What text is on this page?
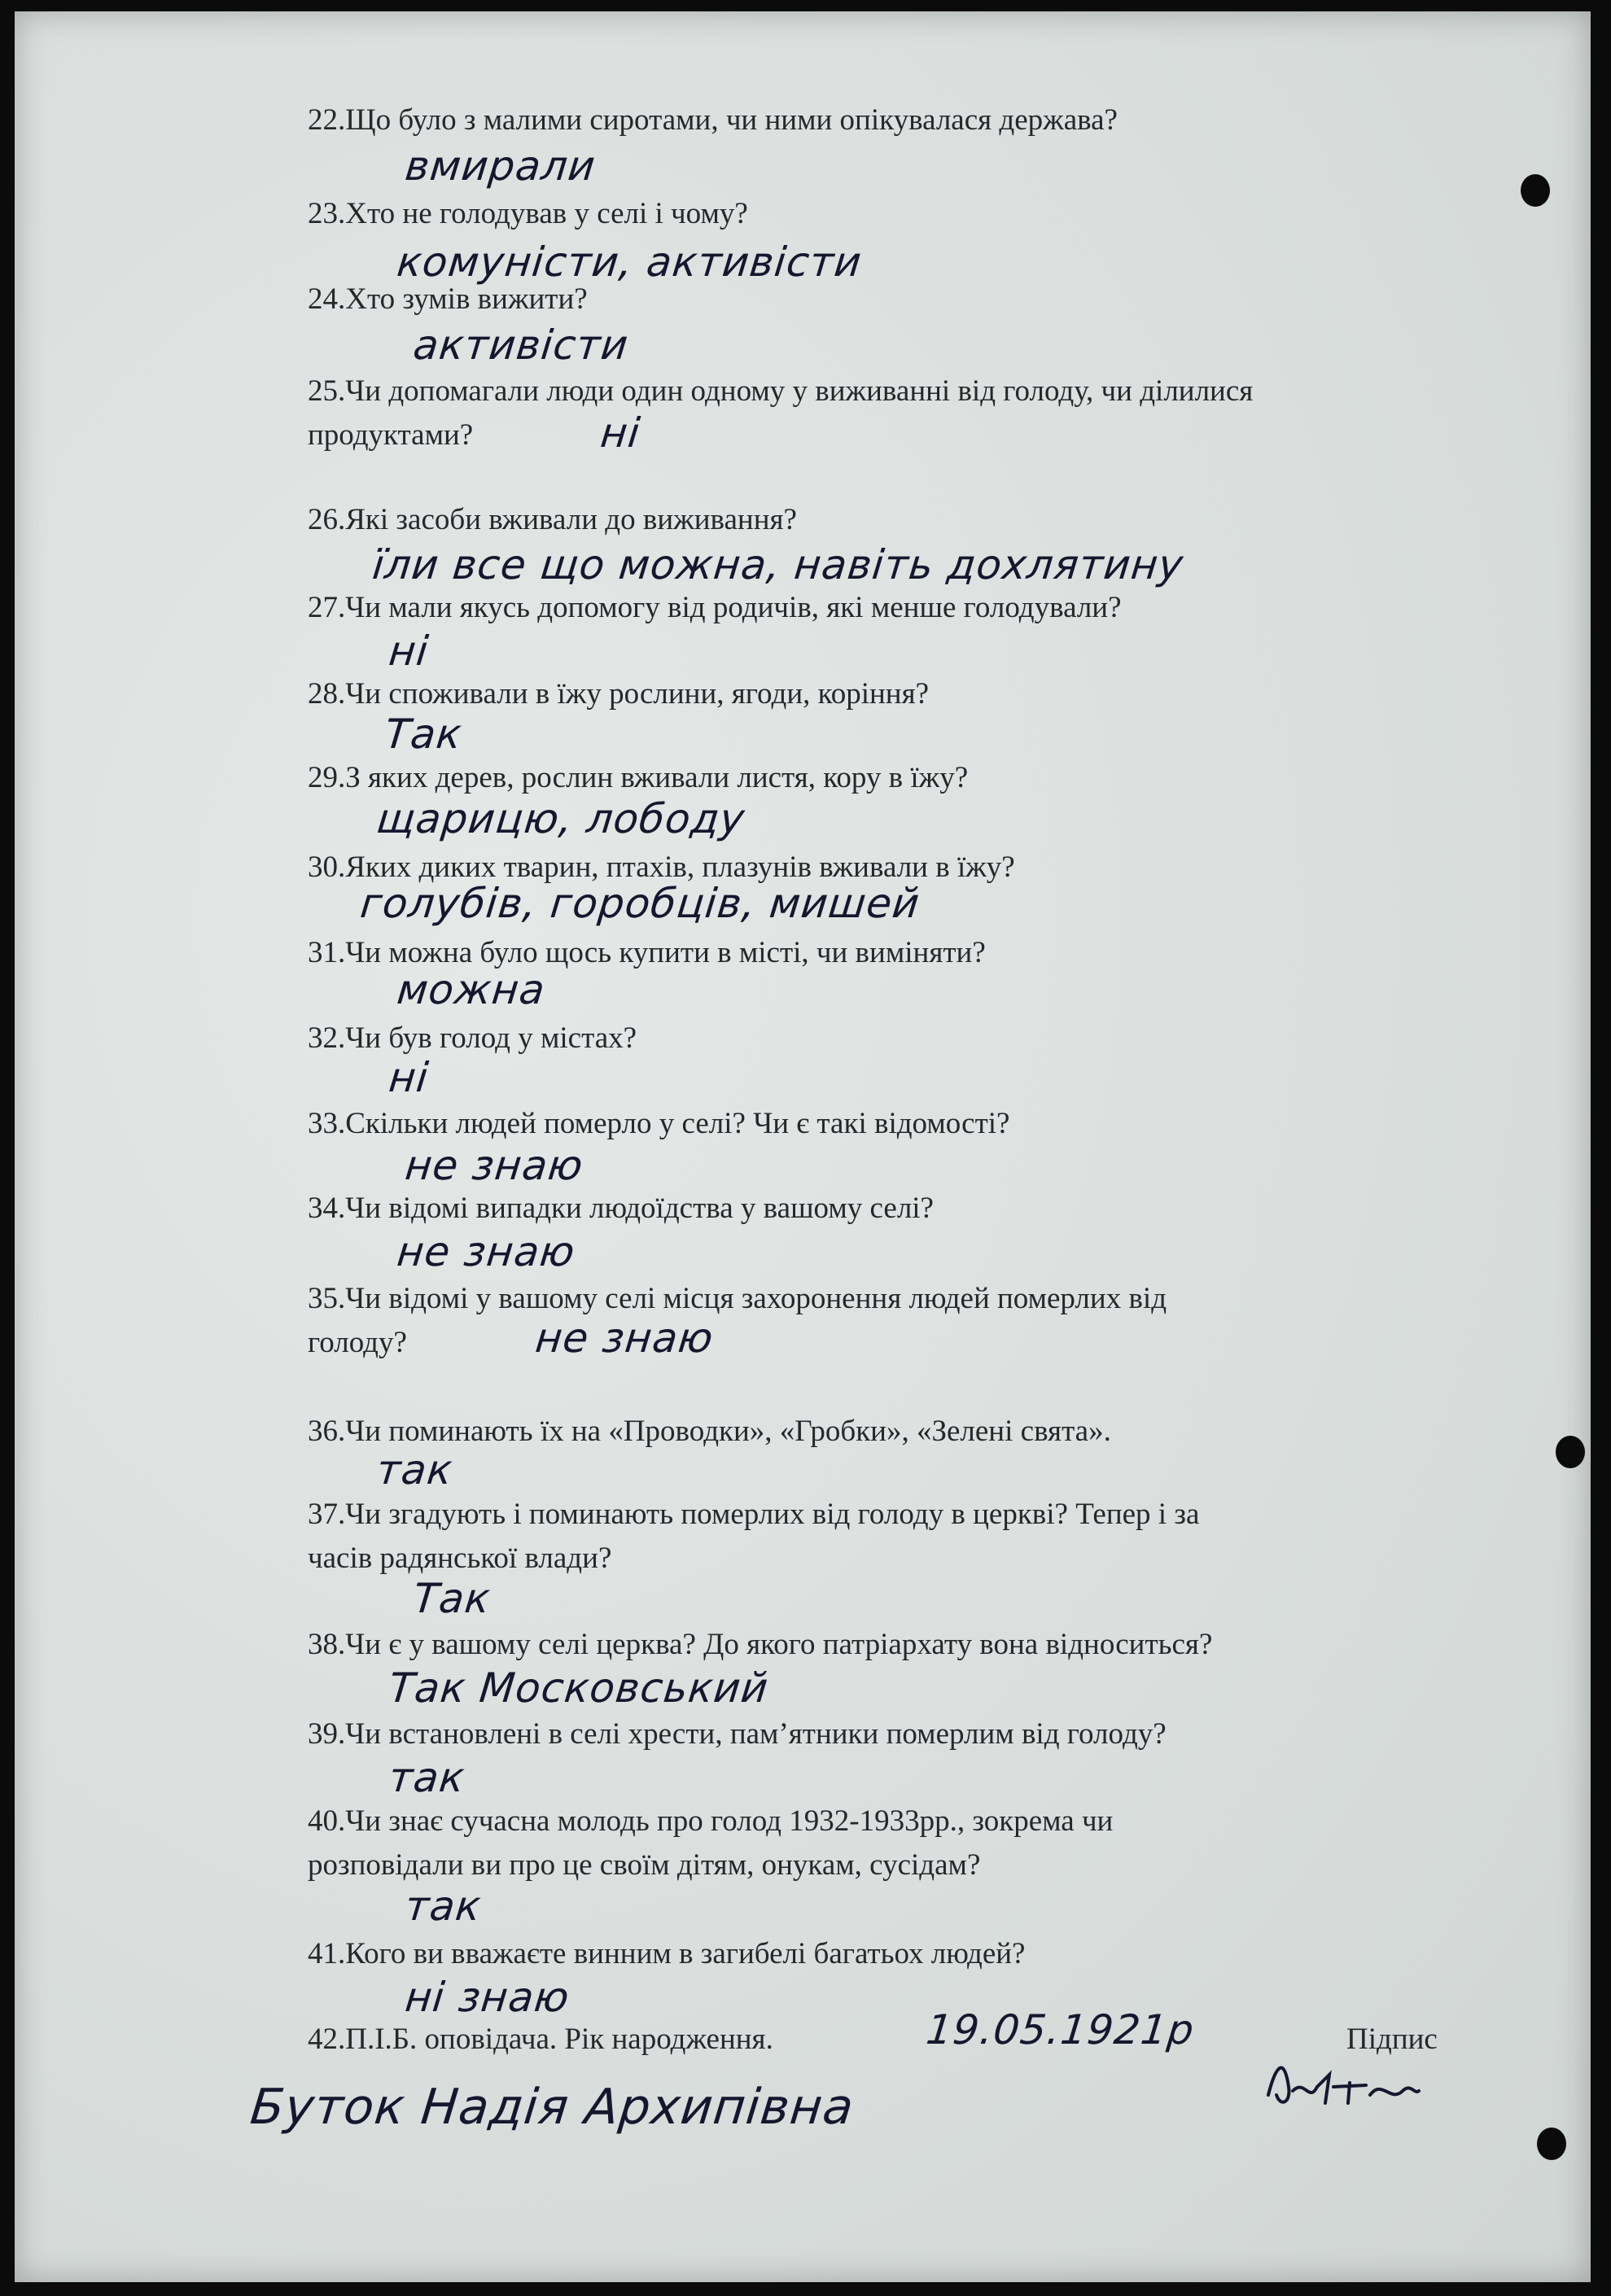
22.Що було з малими сиротами, чи ними опікувалася держава?

вмирали

23.Хто не голодував у селі і чому?

комуністи, активісти

24.Хто зумів вижити?

активісти

25.Чи допомагали люди один одному у виживанні від голоду, чи ділилися
продуктами?	ні

26.Які засоби вживали до виживання?

їли все що можна, навіть дохлятину

27.Чи мали якусь допомогу від родичів, які менше голодували?

ні

28.Чи споживали в їжу рослини, ягоди, коріння?

Так

29.З яких дерев, рослин вживали листя, кору в їжу?

щарицю, лободу

30.Яких диких тварин, птахів, плазунів вживали в їжу?

голубів, горобців, мишей

31.Чи можна було щось купити в місті, чи виміняти?

можна

32.Чи був голод у містах?

ні

33.Скільки людей померло у селі? Чи є такі відомості?

не знаю

34.Чи відомі випадки людоїдства у вашому селі?

не знаю

35.Чи відомі у вашому селі місця захоронення людей померлих від
голоду?	не знаю

36.Чи поминають їх на «Проводки», «Гробки», «Зелені свята».

так

37.Чи згадують і поминають померлих від голоду в церкві? Тепер і за
часів радянської влади?

Так

38.Чи є у вашому селі церква? До якого патріархату вона відноситься?

Так Московський

39.Чи встановлені в селі хрести, пам’ятники померлим від голоду?

так

40.Чи знає сучасна молодь про голод 1932-1933рр., зокрема чи
розповідали ви про це своїм дітям, онукам, сусідам?

так

41.Кого ви вважаєте винним в загибелі багатьох людей?

ні знаю

42.П.І.Б. оповідача. Рік народження.	19.05.1921р	Підпис
Буток Надія Архипівна
